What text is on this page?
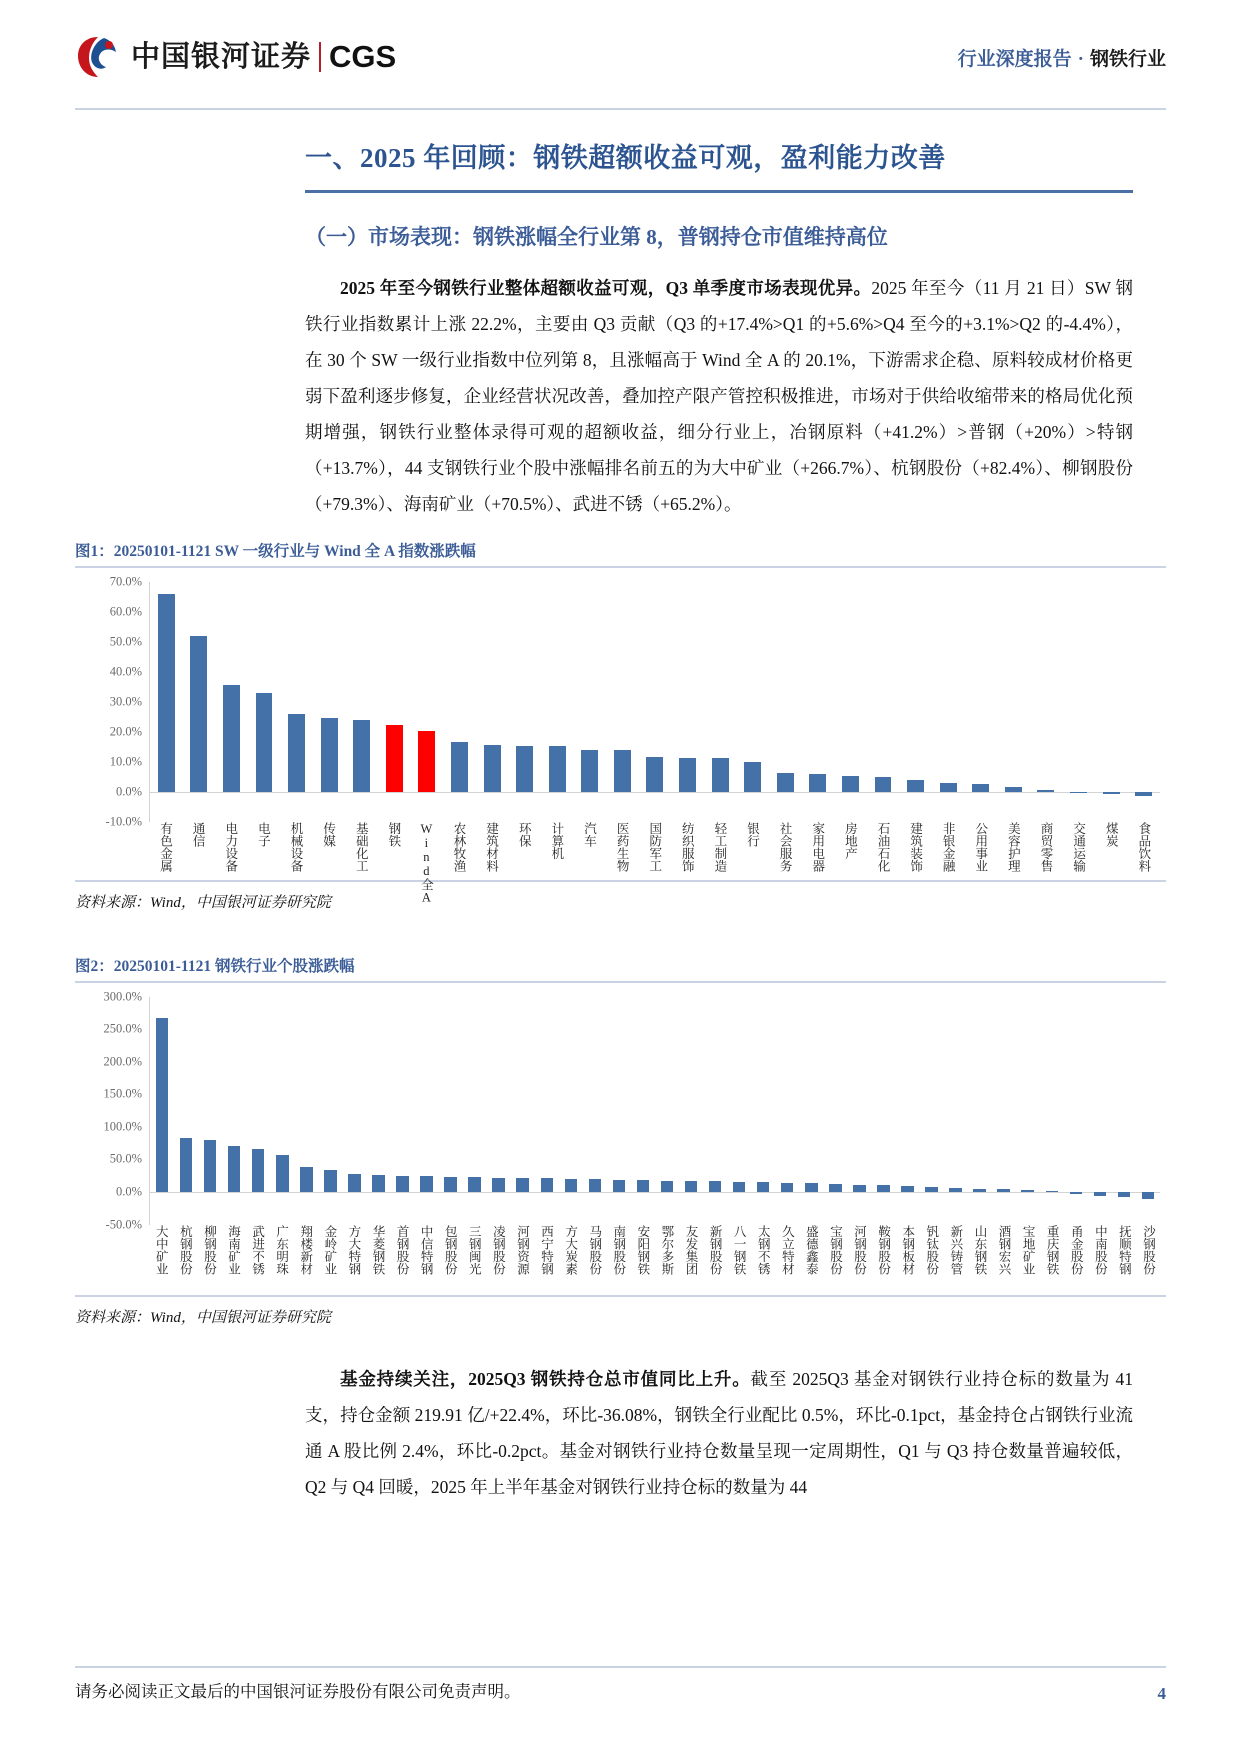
中国银河证券 CGS	行业深度报告 · 钢铁行业
一、2025 年回顾：钢铁超额收益可观，盈利能力改善
（一）市场表现：钢铁涨幅全行业第 8，普钢持仓市值维持高位

2025 年至今钢铁行业整体超额收益可观，Q3 单季度市场表现优异。2025 年至今（11 月 21 日）SW 钢铁行业指数累计上涨 22.2%，主要由 Q3 贡献（Q3 的+17.4%>Q1 的+5.6%>Q4 至今的+3.1%>Q2 的-4.4%），在 30 个 SW 一级行业指数中位列第 8，且涨幅高于 Wind 全 A 的 20.1%，下游需求企稳、原料较成材价格更弱下盈利逐步修复，企业经营状况改善，叠加控产限产管控积极推进，市场对于供给收缩带来的格局优化预期增强，钢铁行业整体录得可观的超额收益，细分行业上，冶钢原料（+41.2%）>普钢（+20%）>特钢（+13.7%），44 支钢铁行业个股中涨幅排名前五的为大中矿业（+266.7%）、杭钢股份（+82.4%）、柳钢股份（+79.3%）、海南矿业（+70.5%）、武进不锈（+65.2%）。

图1：20250101-1121 SW 一级行业与 Wind 全 A 指数涨跌幅
70.0%
60.0%
50.0%
40.0%
30.0%
20.0%
10.0%
0.0%
-10.0%
有色金属 通信 电力设备 电子 机械设备 传媒 基础化工 钢铁 Wind全A 农林牧渔 建筑材料 环保 计算机 汽车 医药生物 国防军工 纺织服饰 轻工制造 银行 社会服务 家用电器 房地产 石油石化 建筑装饰 非银金融 公用事业 美容护理 商贸零售 交通运输 煤炭 食品饮料
资料来源：Wind，中国银河证券研究院
图2：20250101-1121 钢铁行业个股涨跌幅
300.0%
250.0%
200.0%
150.0%
100.0%
50.0%
0.0%
-50.0%
大中矿业 杭钢股份 柳钢股份 海南矿业 武进不锈 广东明珠 翔楼新材 金岭矿业 方大特钢 华菱钢铁 首钢股份 中信特钢 包钢股份 三钢闽光 凌钢股份 河钢资源 西宁特钢 方大炭素 马钢股份 南钢股份 安阳钢铁 鄂尔多斯 友发集团 新钢股份 八一钢铁 太钢不锈 久立特材 盛德鑫泰 宝钢股份 河钢股份 鞍钢股份 本钢板材 钒钛股份 新兴铸管 山东钢铁 酒钢宏兴 宝地矿业 重庆钢铁 甬金股份 中南股份 抚顺特钢 沙钢股份
资料来源：Wind，中国银河证券研究院

基金持续关注，2025Q3 钢铁持仓总市值同比上升。截至 2025Q3 基金对钢铁行业持仓标的数量为 41 支，持仓金额 219.91 亿/+22.4%，环比-36.08%，钢铁全行业配比 0.5%，环比-0.1pct，基金持仓占钢铁行业流通 A 股比例 2.4%，环比-0.2pct。基金对钢铁行业持仓数量呈现一定周期性，Q1 与 Q3 持仓数量普遍较低，Q2 与 Q4 回暖，2025 年上半年基金对钢铁行业持仓标的数量为 44

请务必阅读正文最后的中国银河证券股份有限公司免责声明。	4
